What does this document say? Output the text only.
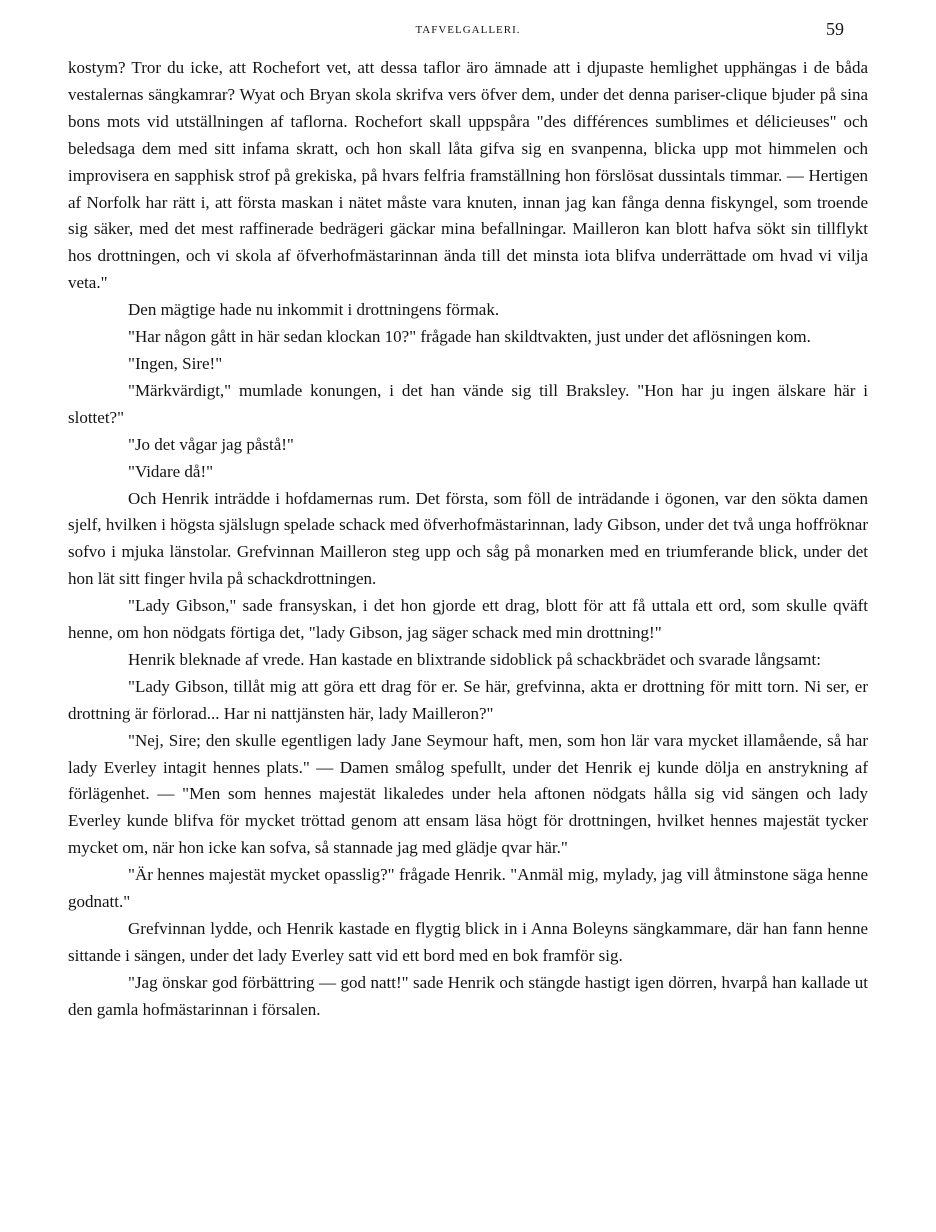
TAFVELGALLERI.	59

kostym? Tror du icke, att Rochefort vet, att dessa taflor äro ämnade att i djupaste hemlighet upphängas i de båda vestalernas sängkamrar? Wyat och Bryan skola skrifva vers öfver dem, under det denna pariser-clique bjuder på sina bons mots vid utställningen af taflorna. Rochefort skall uppspåra "des différences sumblimes et délicieuses" och beledsaga dem med sitt infama skratt, och hon skall låta gifva sig en svanpenna, blicka upp mot himmelen och improvisera en sapphisk strof på grekiska, på hvars felfria framställning hon förslösat dussintals timmar. — Hertigen af Norfolk har rätt i, att första maskan i nätet måste vara knuten, innan jag kan fånga denna fiskyngel, som troende sig säker, med det mest raffinerade bedrägeri gäckar mina befallningar. Mailleron kan blott hafva sökt sin tillflykt hos drottningen, och vi skola af öfverhofmästarinnan ända till det minsta iota blifva underrättade om hvad vi vilja veta."

Den mägtige hade nu inkommit i drottningens förmak.

"Har någon gått in här sedan klockan 10?" frågade han skildtvakten, just under det aflösningen kom.

"Ingen, Sire!"

"Märkvärdigt," mumlade konungen, i det han vände sig till Braksley. "Hon har ju ingen älskare här i slottet?"

"Jo det vågar jag påstå!"

"Vidare då!"

Och Henrik inträdde i hofdamernas rum. Det första, som föll de inträdande i ögonen, var den sökta damen sjelf, hvilken i högsta själslugn spelade schack med öfverhofmästarinnan, lady Gibson, under det två unga hoffröknar sofvo i mjuka länstolar. Grefvinnan Mailleron steg upp och såg på monarken med en triumferande blick, under det hon lät sitt finger hvila på schackdrottningen.

"Lady Gibson," sade fransyskan, i det hon gjorde ett drag, blott för att få uttala ett ord, som skulle qväft henne, om hon nödgats förtiga det, "lady Gibson, jag säger schack med min drottning!"

Henrik bleknade af vrede. Han kastade en blixtrande sidoblick på schackbrädet och svarade långsamt:

"Lady Gibson, tillåt mig att göra ett drag för er. Se här, grefvinna, akta er drottning för mitt torn. Ni ser, er drottning är förlorad... Har ni nattjänsten här, lady Mailleron?"

"Nej, Sire; den skulle egentligen lady Jane Seymour haft, men, som hon lär vara mycket illamående, så har lady Everley intagit hennes plats." — Damen smålog spefullt, under det Henrik ej kunde dölja en anstrykning af förlägenhet. — "Men som hennes majestät likaledes under hela aftonen nödgats hålla sig vid sängen och lady Everley kunde blifva för mycket tröttad genom att ensam läsa högt för drottningen, hvilket hennes majestät tycker mycket om, när hon icke kan sofva, så stannade jag med glädje qvar här."

"Är hennes majestät mycket opasslig?" frågade Henrik. "Anmäl mig, mylady, jag vill åtminstone säga henne godnatt."

Grefvinnan lydde, och Henrik kastade en flygtig blick in i Anna Boleyns sängkammare, där han fann henne sittande i sängen, under det lady Everley satt vid ett bord med en bok framför sig.

"Jag önskar god förbättring — god natt!" sade Henrik och stängde hastigt igen dörren, hvarpå han kallade ut den gamla hofmästarinnan i försalen.
